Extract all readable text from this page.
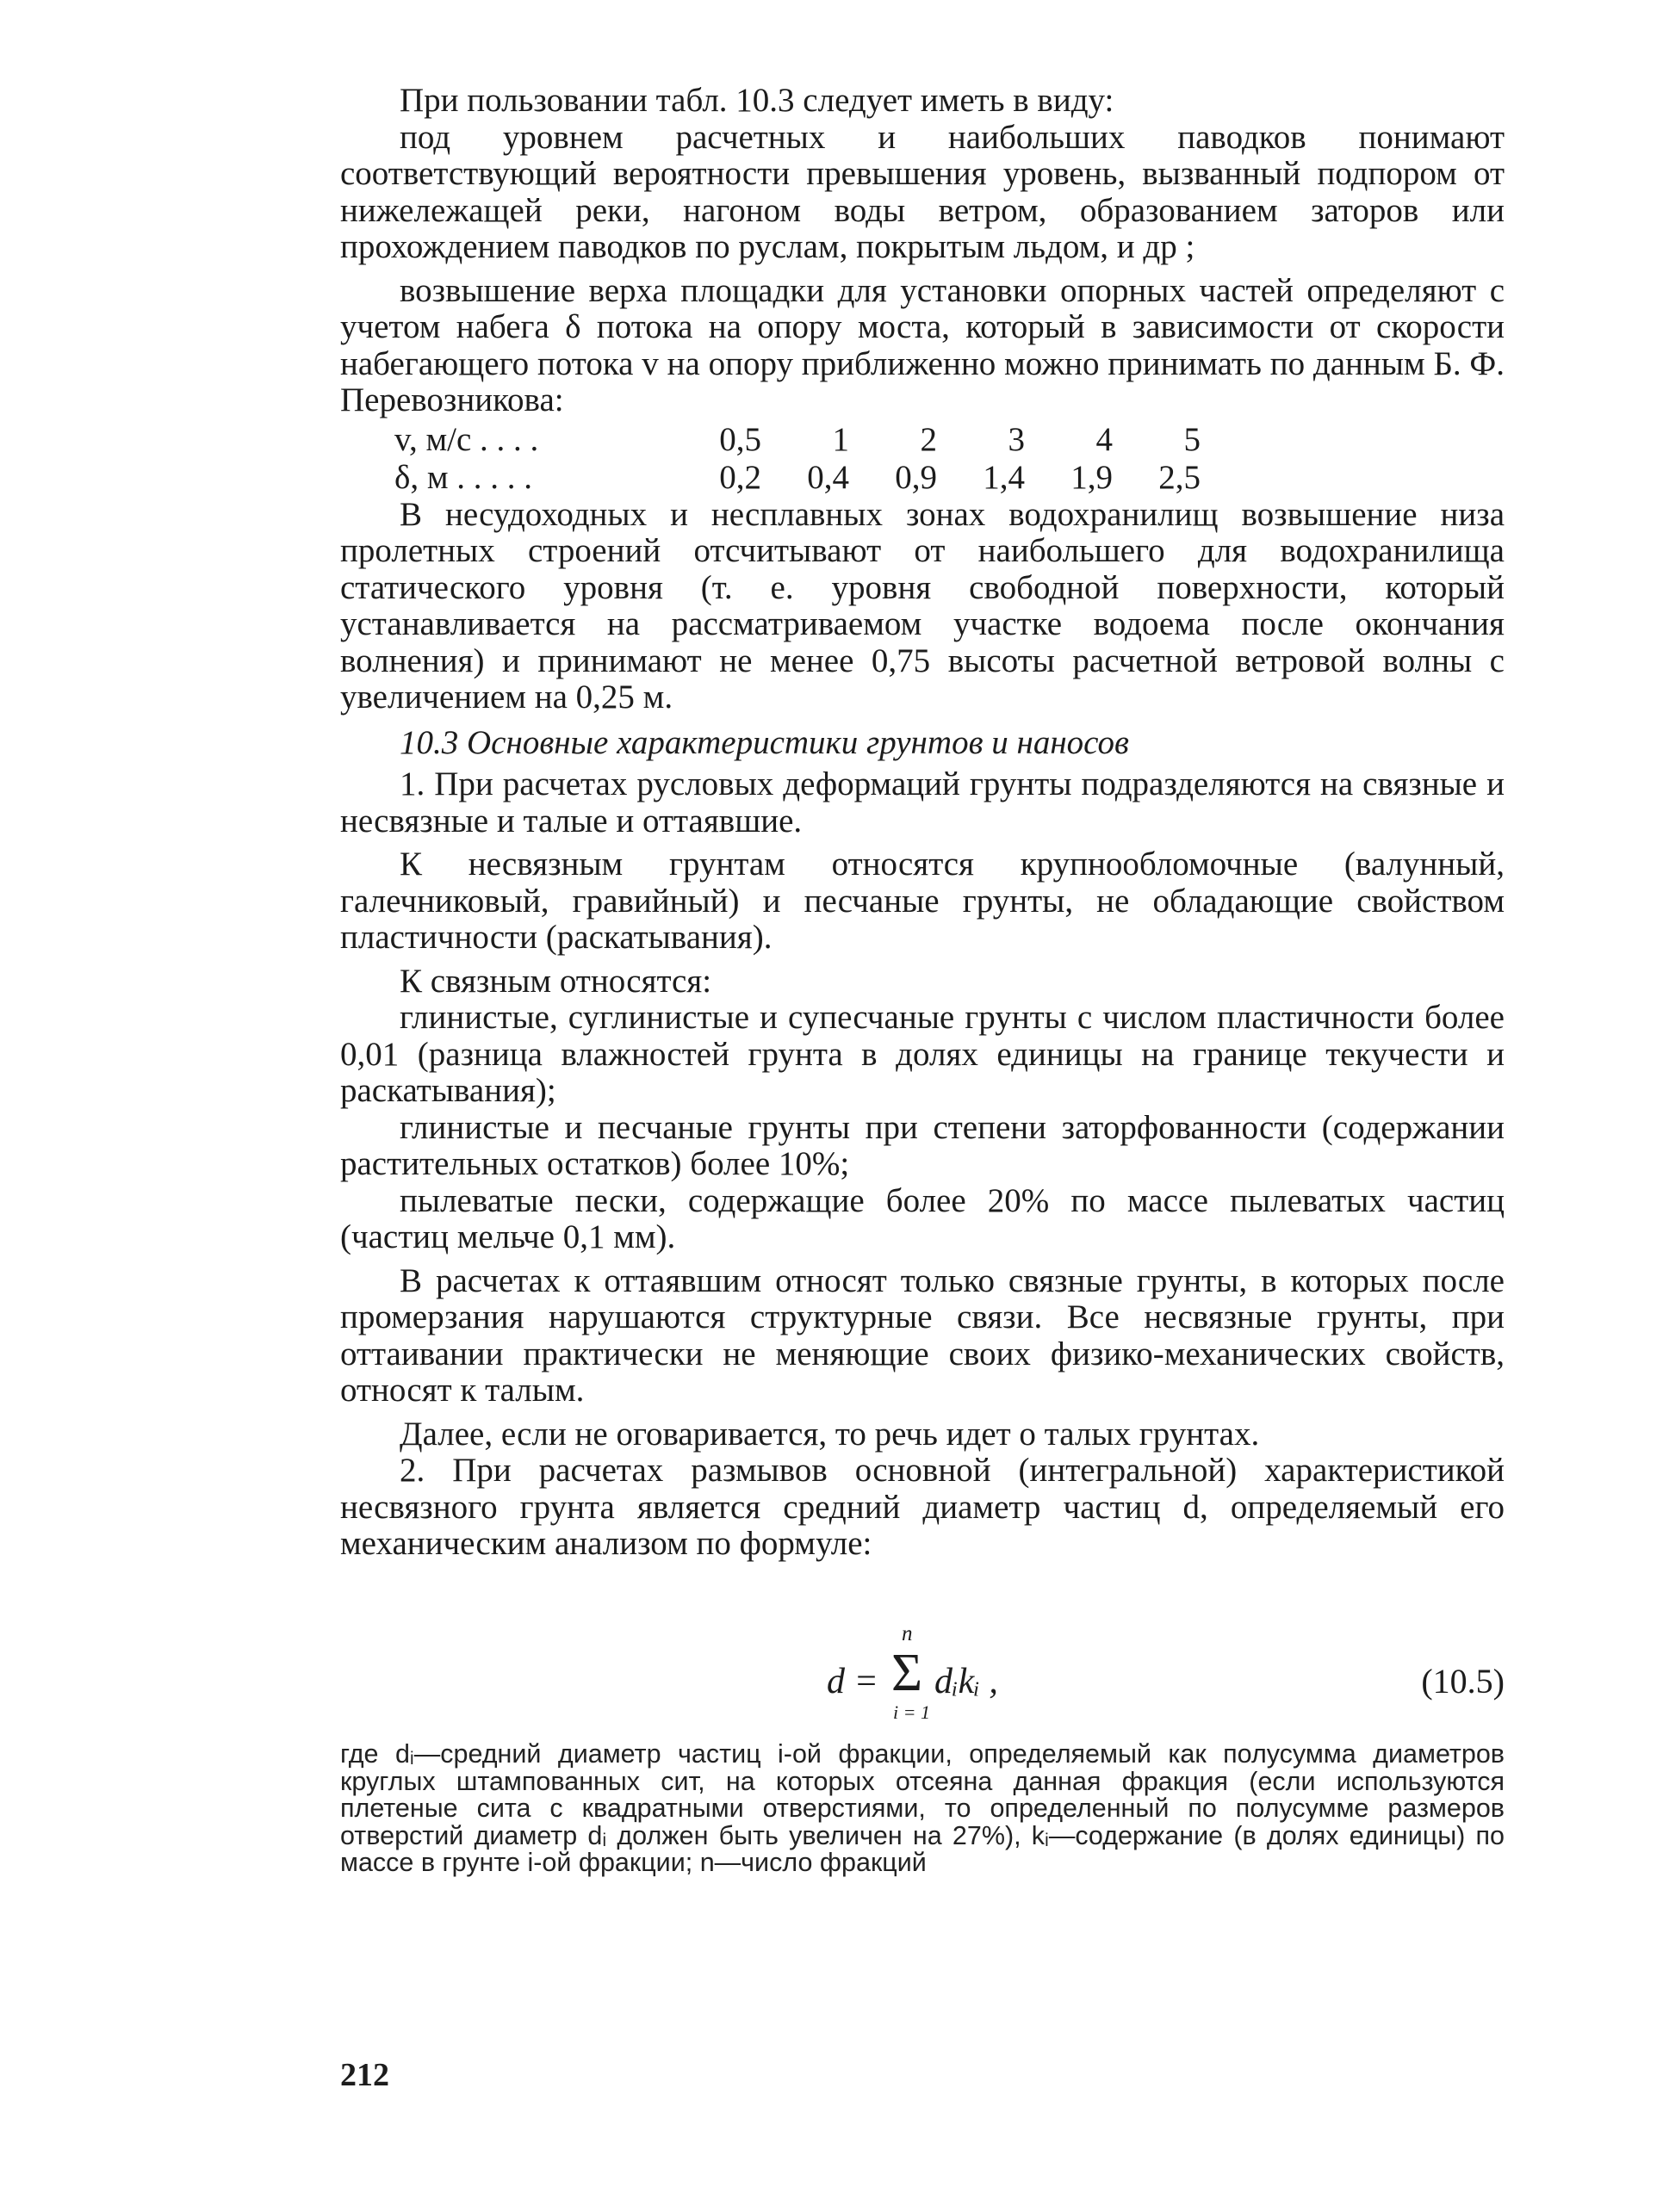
При пользовании табл. 10.3 следует иметь в виду:

под уровнем расчетных и наибольших паводков понимают соответствующий вероятности превышения уровень, вызванный подпором от нижележащей реки, нагоном воды ветром, образованием заторов или прохождением паводков по руслам, покрытым льдом, и др ;

возвышение верха площадки для установки опорных частей определяют с учетом набега δ потока на опору моста, который в зависимости от скорости набегающего потока v на опору приближенно можно принимать по данным Б. Ф. Перевозникова:

v, м/с . . . .	0,5	1	2	3	4	5
δ, м . . . . .	0,2	0,4	0,9	1,4	1,9	2,5

В несудоходных и несплавных зонах водохранилищ возвышение низа пролетных строений отсчитывают от наибольшего для водохранилища статического уровня (т. е. уровня свободной поверхности, который устанавливается на рассматриваемом участке водоема после окончания волнения) и принимают не менее 0,75 высоты расчетной ветровой волны с увеличением на 0,25 м.

10.3 Основные характеристики грунтов и наносов

1. При расчетах русловых деформаций грунты подразделяются на связные и несвязные и талые и оттаявшие.

К несвязным грунтам относятся крупнообломочные (валунный, галечниковый, гравийный) и песчаные грунты, не обладающие свойством пластичности (раскатывания).

К связным относятся:

глинистые, суглинистые и супесчаные грунты с числом пластичности более 0,01 (разница влажностей грунта в долях единицы на границе текучести и раскатывания);

глинистые и песчаные грунты при степени заторфованности (содержании растительных остатков) более 10%;

пылеватые пески, содержащие более 20% по массе пылеватых частиц (частиц мельче 0,1 мм).

В расчетах к оттаявшим относят только связные грунты, в которых после промерзания нарушаются структурные связи. Все несвязные грунты, при оттаивании практически не меняющие своих физико-механических свойств, относят к талым.

Далее, если не оговаривается, то речь идет о талых грунтах.

2. При расчетах размывов основной (интегральной) характеристикой несвязного грунта является средний диаметр частиц d, определяемый его механическим анализом по формуле:

d =
n
Σ
i = 1
dᵢkᵢ ,	(10.5)
где dᵢ—средний диаметр частиц i-ой фракции, определяемый как полусумма диаметров круглых штампованных сит, на которых отсеяна данная фракция (если используются плетеные сита с квадратными отверстиями, то определенный по полусумме размеров отверстий диаметр dᵢ должен быть увеличен на 27%), kᵢ—содержание (в долях единицы) по массе в грунте i-ой фракции; n—число фракций
212
